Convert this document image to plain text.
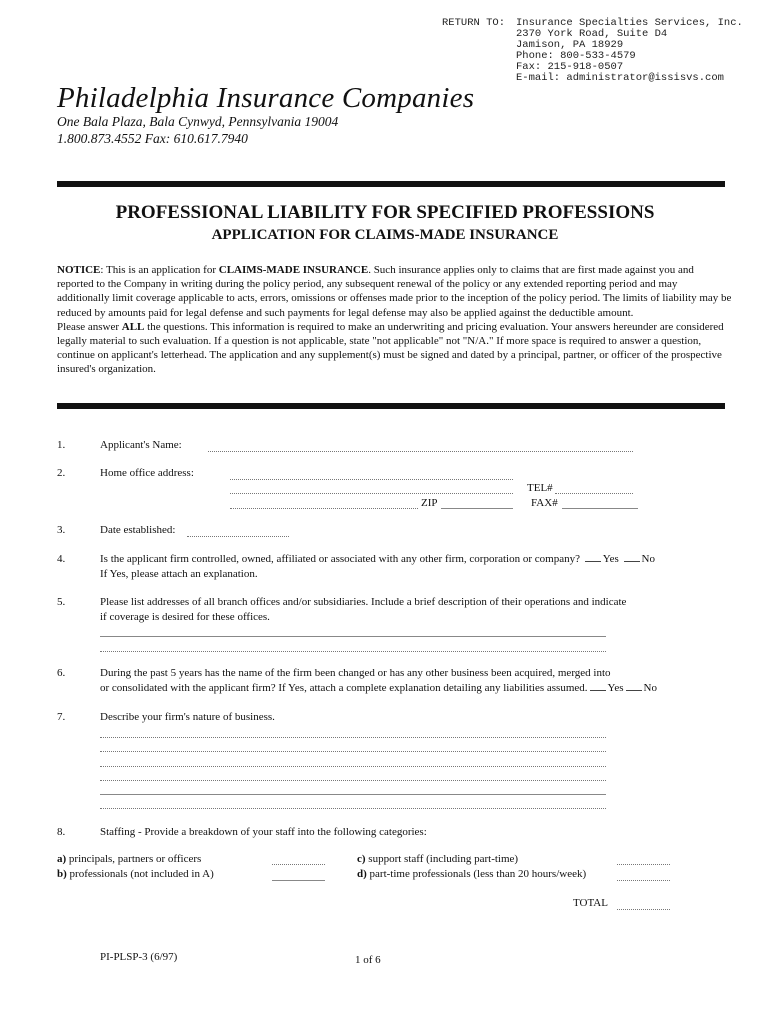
RETURN TO: Insurance Specialties Services, Inc.
2370 York Road, Suite D4
Jamison, PA 18929
Phone: 800-533-4579
Fax: 215-918-0507
E-mail: administrator@issisvs.com
Philadelphia Insurance Companies
One Bala Plaza, Bala Cynwyd, Pennsylvania 19004
1.800.873.4552 Fax: 610.617.7940
PROFESSIONAL LIABILITY FOR SPECIFIED PROFESSIONS
APPLICATION FOR CLAIMS-MADE INSURANCE
NOTICE: This is an application for CLAIMS-MADE INSURANCE. Such insurance applies only to claims that are first made against you and reported to the Company in writing during the policy period, any subsequent renewal of the policy or any extended reporting period and may additionally limit coverage applicable to acts, errors, omissions or offenses made prior to the inception of the policy period. The limits of liability may be reduced by amounts paid for legal defense and such payments for legal defense may also be applied against the deductible amount.
Please answer ALL the questions. This information is required to make an underwriting and pricing evaluation. Your answers hereunder are considered legally material to such evaluation. If a question is not applicable, state "not applicable" not "N/A." If more space is required to answer a question, continue on applicant's letterhead. The application and any supplement(s) must be signed and dated by a principal, partner, or officer of the prospective insured's organization.
1.	Applicant's Name:
2.	Home office address:
TEL#
ZIP	FAX#
3.	Date established:
4.	Is the applicant firm controlled, owned, affiliated or associated with any other firm, corporation or company? Yes No
If Yes, please attach an explanation.
5.	Please list addresses of all branch offices and/or subsidiaries. Include a brief description of their operations and indicate
if coverage is desired for these offices.
6.	During the past 5 years has the name of the firm been changed or has any other business been acquired, merged into
or consolidated with the applicant firm? If Yes, attach a complete explanation detailing any liabilities assumed. Yes No
7.	Describe your firm's nature of business.
8.	Staffing - Provide a breakdown of your staff into the following categories:
a) principals, partners or officers	c) support staff (including part-time)
b) professionals (not included in A)	d) part-time professionals (less than 20 hours/week)
TOTAL
PI-PLSP-3 (6/97)	1 of 6
